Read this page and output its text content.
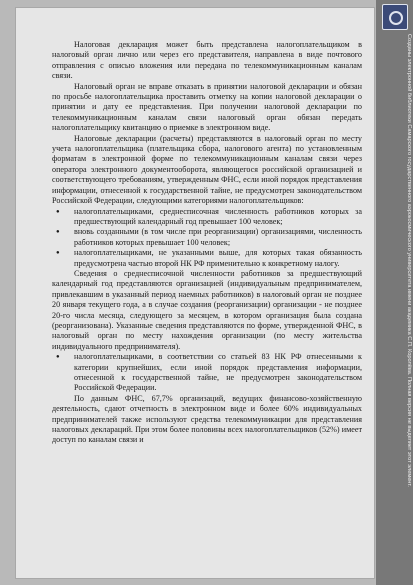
Налоговая декларация может быть представлена налогоплательщиком в налоговый орган лично или через его представителя, направлена в виде почтового отправления с описью вложения или передана по телекоммуникационным каналам связи.

Налоговый орган не вправе отказать в принятии налоговой декларации и обязан по просьбе налогоплательщика проставить отметку на копии налоговой декларации о принятии и дату ее представления. При получении налоговой декларации по телекоммуникационным каналам связи налоговый орган обязан передать налогоплательщику квитанцию о приемке в электронном виде.

Налоговые декларации (расчеты) представляются в налоговый орган по месту учета налогоплательщика (плательщика сбора, налогового агента) по установленным форматам в электронной форме по телекоммуникационным каналам связи через оператора электронного документооборота, являющегося российской организацией и соответствующего требованиям, утвержденным ФНС, если иной порядок представления информации, отнесенной к государственной тайне, не предусмотрен законодательством Российской Федерации, следующими категориями налогоплательщиков:

● налогоплательщиками, среднесписочная численность работников которых за предшествующий календарный год превышает 100 человек;
● вновь созданными (в том числе при реорганизации) организациями, численность работников которых превышает 100 человек;
● налогоплательщиками, не указанными выше, для которых такая обязанность предусмотрена частью второй НК РФ применительно к конкретному налогу.

Сведения о среднесписочной численности работников за предшествующий календарный год представляются организацией (индивидуальным предпринимателем, привлекавшим в указанный период наемных работников) в налоговый орган не позднее 20 января текущего года, а в случае создания (реорганизации) организации - не позднее 20-го числа месяца, следующего за месяцем, в котором организация была создана (реорганизована). Указанные сведения представляются по форме, утвержденной ФНС, в налоговый орган по месту нахождения организации (по месту жительства индивидуального предпринимателя).

● налогоплательщиками, в соответствии со статьей 83 НК РФ отнесенными к категории крупнейших, если иной порядок представления информации, отнесенной к государственной тайне, не предусмотрен законодательством Российской Федерации.

По данным ФНС, 67,7% организаций, ведущих финансово-хозяйственную деятельность, сдают отчетность в электронном виде и более 60% индивидуальных предпринимателей также используют средства телекоммуникации для представления налоговых деклараций. При этом более половины всех налогоплательщиков (52%) имеет доступ по каналам связи и	Созданы электронной библиотеки Самарского государственного аэрокосмического университета имени академика С.П. Королёва. Полная версия не выделяет этот элемент.
